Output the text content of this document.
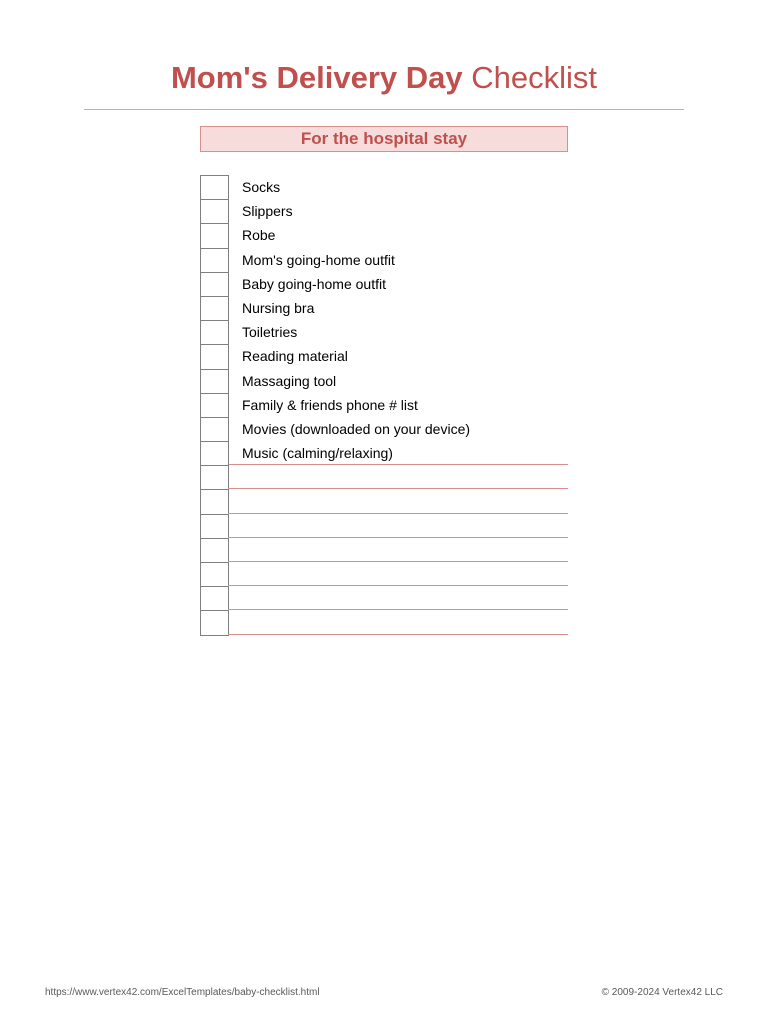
Mom's Delivery Day Checklist
For the hospital stay
Socks
Slippers
Robe
Mom's going-home outfit
Baby going-home outfit
Nursing bra
Toiletries
Reading material
Massaging tool
Family & friends phone # list
Movies (downloaded on your device)
Music (calming/relaxing)
https://www.vertex42.com/ExcelTemplates/baby-checklist.html	© 2009-2024 Vertex42 LLC
